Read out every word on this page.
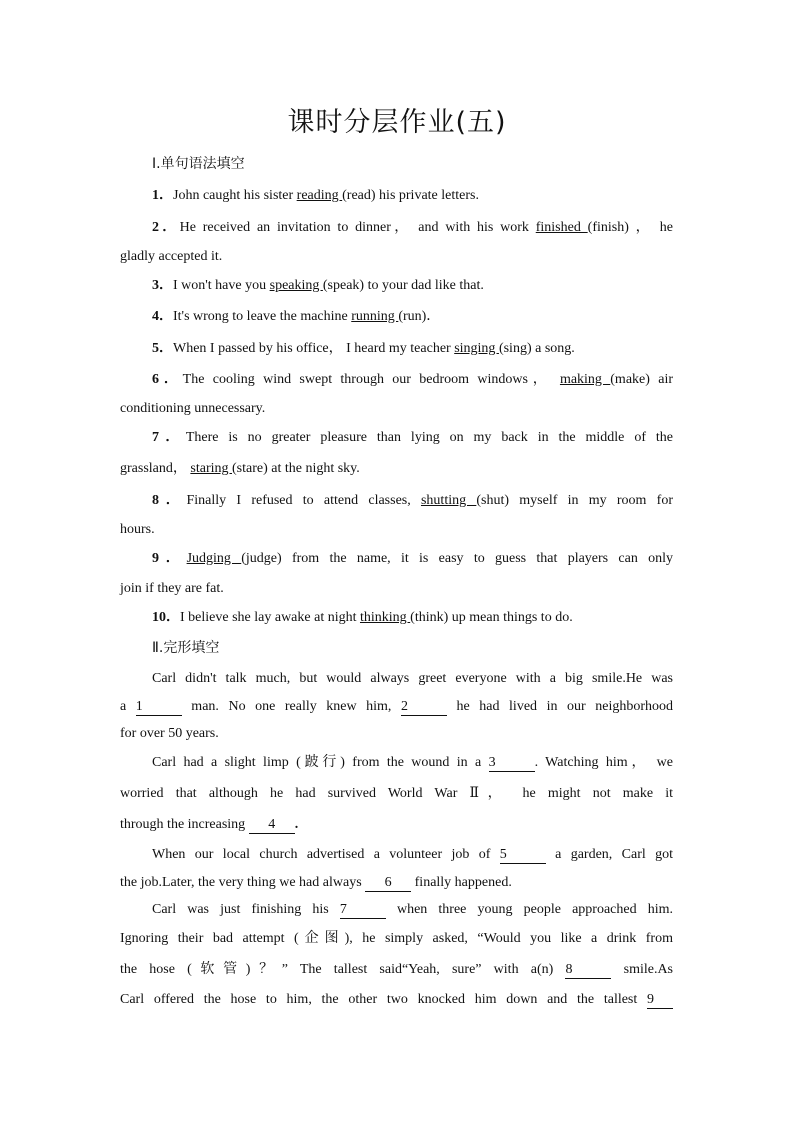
课时分层作业(五)
Ⅰ.单句语法填空
1．John caught his sister reading (read) his private letters.
2．He received an invitation to dinner， and with his work finished (finish) ， he
gladly accepted it.
3．I won't have you speaking (speak) to your dad like that.
4．It's wrong to leave the machine running (run)．
5．When I passed by his office， I heard my teacher singing (sing) a song.
6．The cooling wind swept through our bedroom windows， making (make) air
conditioning unnecessary.
7．There is no greater pleasure than lying on my back in the middle of the
grassland， staring (stare) at the night sky.
8．Finally I refused to attend classes, shutting (shut) myself in my room for
hours.
9．Judging (judge) from the name, it is easy to guess that players can only
join if they are fat.
10．I believe she lay awake at night thinking (think) up mean things to do.
Ⅱ.完形填空
Carl didn't talk much, but would always greet everyone with a big smile.He was
a 1	man. No one really knew him, 2	he had lived in our neighborhood
for over 50 years.
Carl had a slight limp (跛行) from the wound in a 3	. Watching him， we
worried that although he had survived World War Ⅱ， he might not make it
through the increasing 4 .
When our local church advertised a volunteer job of 5	a garden, Carl got
the job.Later, the very thing we had always 6 finally happened.
Carl was just finishing his 7	when three young people approached him.
Ignoring their bad attempt (企图), he simply asked, “Would you like a drink from
the hose (软管)？” The tallest said“Yeah, sure” with a(n) 8	smile.As
Carl offered the hose to him, the other two knocked him down and the tallest 9
